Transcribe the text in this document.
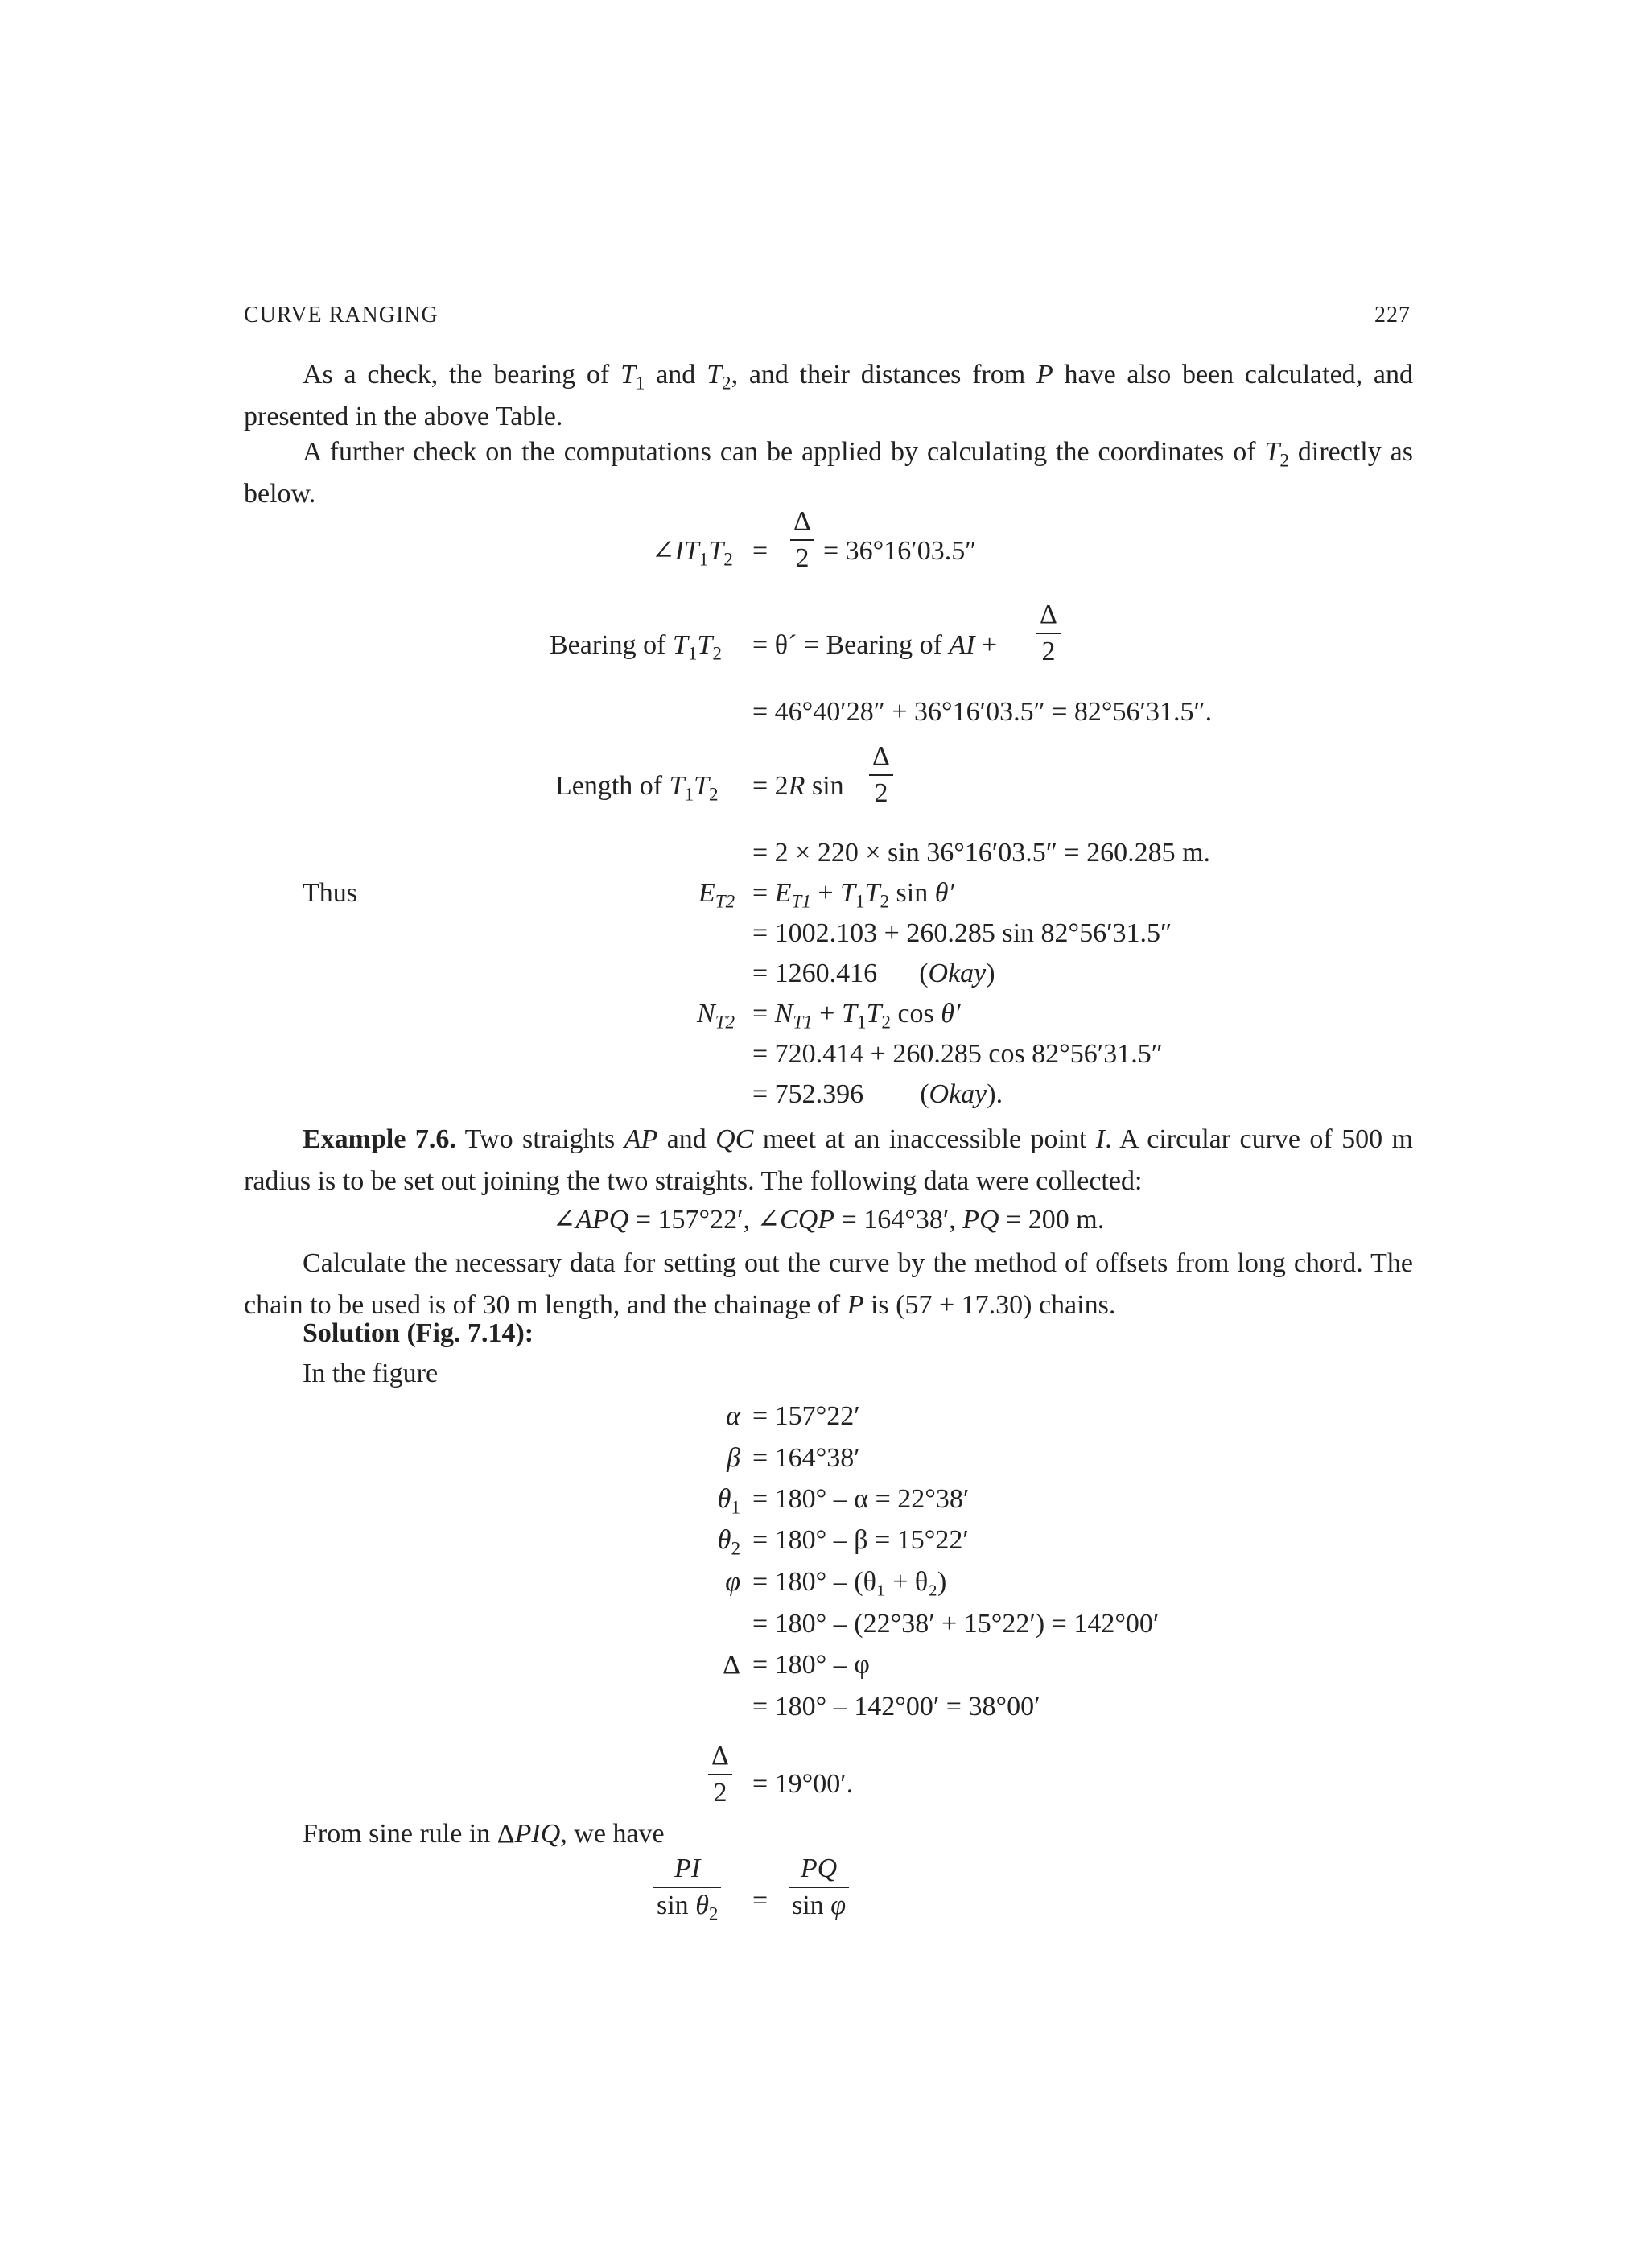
CURVE RANGING	227
As a check, the bearing of $T_1$ and $T_2$, and their distances from P have also been calculated, and presented in the above Table.
A further check on the computations can be applied by calculating the coordinates of $T_2$ directly as below.
$\angle IT_1T_2 = \frac{\Delta}{2} = 36^\circ 16'03.5''$
Bearing of $T_1T_2$ = θ´ = Bearing of AI + $\frac{\Delta}{2}$
= 46°40′28″ + 36°16′03.5″ = 82°56′31.5″.
Length of $T_1T_2 = 2R$ $\sin \frac{\Delta}{2}$
= 2 × 220 × sin 36°16′03.5″ = 260.285 m.
Thus	$E_{T2} = E_{T1} + T_1T_2$ sin θ′
= 1002.103 + 260.285 sin 82°56′31.5″
= 1260.416 (Okay)
$N_{T2} = N_{T1} + T_1T_2$ cos θ′
= 720.414 + 260.285 cos 82°56′31.5″
= 752.396 (Okay).
Example 7.6. Two straights AP and QC meet at an inaccessible point I. A circular curve of 500 m radius is to be set out joining the two straights. The following data were collected:
∠APQ = 157°22′, ∠CQP = 164°38′, PQ = 200 m.
Calculate the necessary data for setting out the curve by the method of offsets from long chord. The chain to be used is of 30 m length, and the chainage of P is (57 + 17.30) chains.
Solution (Fig. 7.14):
In the figure
α = 157°22′
β = 164°38′
$\theta_1 = 180^\circ - \alpha = 22^\circ 38'$
$\theta_2 = 180^\circ - \beta = 15^\circ 22'$
φ = 180° – (θ₁ + θ₂)
= 180° – (22°38′ + 15°22′) = 142°00′
Δ = 180° – φ
= 180° – 142°00′ = 38°00′
$\frac{\Delta}{2} = 19^\circ 00'$.
From sine rule in ΔPIQ, we have
$\frac{PI}{\sin \theta_2} = \frac{PQ}{\text{sin φ}}$
